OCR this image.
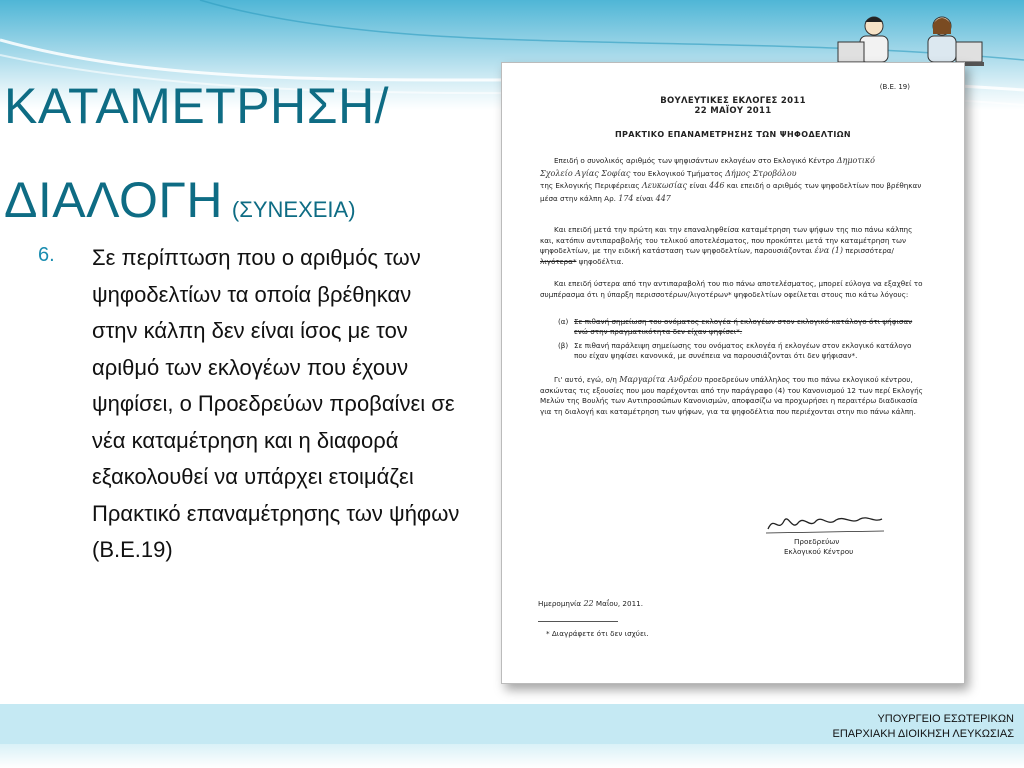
ΚΑΤΑΜΕΤΡΗΣΗ/
ΔΙΑΛΟΓΗ (ΣΥΝΕΧΕΙΑ)
6. Σε περίπτωση που ο αριθμός των ψηφοδελτίων τα οποία βρέθηκαν στην κάλπη δεν είναι ίσος με τον αριθμό των εκλογέων που έχουν ψηφίσει, ο Προεδρεύων προβαίνει σε νέα καταμέτρηση και η διαφορά εξακολουθεί να υπάρχει ετοιμάζει Πρακτικό επαναμέτρησης των ψήφων (Β.Ε.19)
(Β.Ε. 19)
ΒΟΥΛΕΥΤΙΚΕΣ ΕΚΛΟΓΕΣ 2011
22 ΜΑΪΟΥ 2011
ΠΡΑΚΤΙΚΟ ΕΠΑΝΑΜΕΤΡΗΣΗΣ ΤΩΝ ΨΗΦΟΔΕΛΤΙΩΝ
Επειδή ο συνολικός αριθμός των ψηφισάντων εκλογέων στο Εκλογικό Κέντρο Δημοτικό
Σχολείο Αγίας Σοφίας του Εκλογικού Τμήματος Δήμος Στροβόλου
της Εκλογικής Περιφέρειας Λευκωσίας είναι 446 και επειδή ο αριθμός των ψηφοδελτίων που βρέθηκαν μέσα στην κάλπη Αρ. 174 είναι 447
Και επειδή μετά την πρώτη και την επαναληφθείσα καταμέτρηση των ψήφων της πιο πάνω κάλπης και, κατόπιν αντιπαραβολής του τελικού αποτελέσματος, που προκύπτει μετά την καταμέτρηση των ψηφοδελτίων, με την ειδική κατάσταση των ψηφοδελτίων, παρουσιάζονται ένα (1) περισσότερα/λιγότερα* ψηφοδέλτια.
Και επειδή ύστερα από την αντιπαραβολή του πιο πάνω αποτελέσματος, μπορεί εύλογα να εξαχθεί το συμπέρασμα ότι η ύπαρξη περισσοτέρων/λιγοτέρων* ψηφοδελτίων οφείλεται στους πιο κάτω λόγους:
(α) Σε πιθανή σημείωση του ονόματος εκλογέα ή εκλογέων στον εκλογικό κατάλογο ότι ψήφισαν ενώ στην πραγματικότητα δεν είχαν ψηφίσει*.
(β) Σε πιθανή παράλειψη σημείωσης του ονόματος εκλογέα ή εκλογέων στον εκλογικό κατάλογο που είχαν ψηφίσει κανονικά, με συνέπεια να παρουσιάζονται ότι δεν ψήφισαν*.
Γι' αυτό, εγώ, ο/η Μαργαρίτα Ανδρέου προεδρεύων υπάλληλος του πιο πάνω εκλογικού κέντρου, ασκώντας τις εξουσίες που μου παρέχονται από την παράγραφο (4) του Κανονισμού 12 των περί Εκλογής Μελών της Βουλής των Αντιπροσώπων Κανονισμών, αποφασίζω να προχωρήσει η περαιτέρω διαδικασία για τη διαλογή και καταμέτρηση των ψήφων, για τα ψηφοδέλτια που περιέχονται στην πιο πάνω κάλπη.
Προεδρεύων
Εκλογικού Κέντρου
Ημερομηνία 22 Μαΐου, 2011.
* Διαγράφετε ότι δεν ισχύει.
ΥΠΟΥΡΓΕΙΟ ΕΣΩΤΕΡΙΚΩΝ
ΕΠΑΡΧΙΑΚΗ ΔΙΟΙΚΗΣΗ ΛΕΥΚΩΣΙΑΣ
